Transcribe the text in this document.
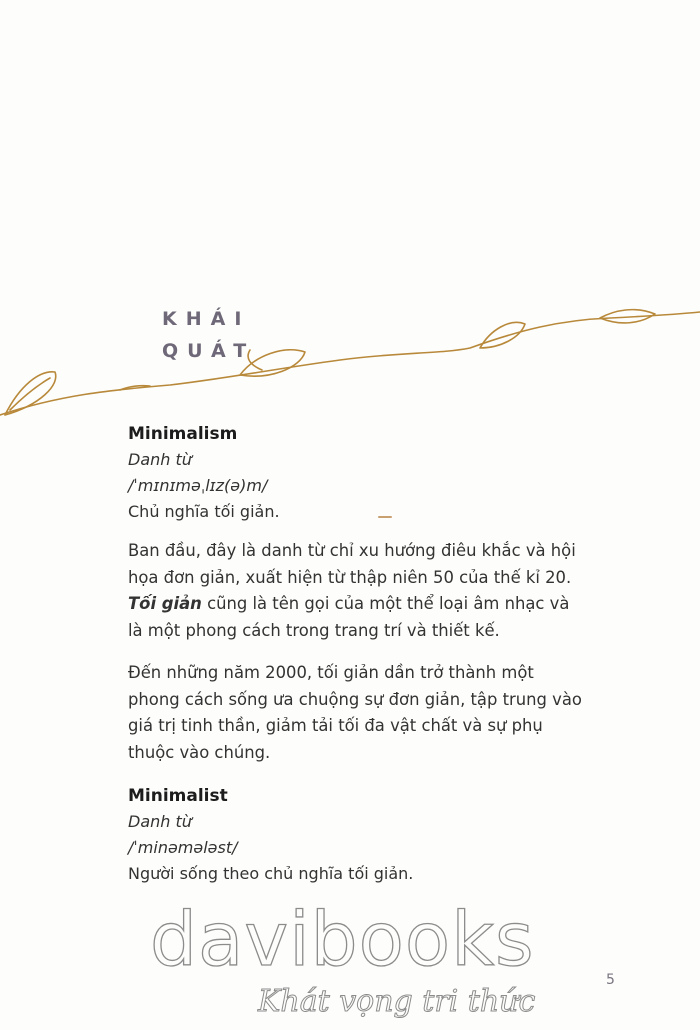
KHÁI
QUÁT
Minimalism
Danh từ
/ˈmɪnɪməˌlɪz(ə)m/
Chủ nghĩa tối giản.

Ban đầu, đây là danh từ chỉ xu hướng điêu khắc và hội họa đơn giản, xuất hiện từ thập niên 50 của thế kỉ 20. Tối giản cũng là tên gọi của một thể loại âm nhạc và là một phong cách trong trang trí và thiết kế.

Đến những năm 2000, tối giản dần trở thành một phong cách sống ưa chuộng sự đơn giản, tập trung vào giá trị tinh thần, giảm tải tối đa vật chất và sự phụ thuộc vào chúng.

Minimalist
Danh từ
/ˈminəmələst/
Người sống theo chủ nghĩa tối giản.
davibooks
Khát vọng tri thức
5
